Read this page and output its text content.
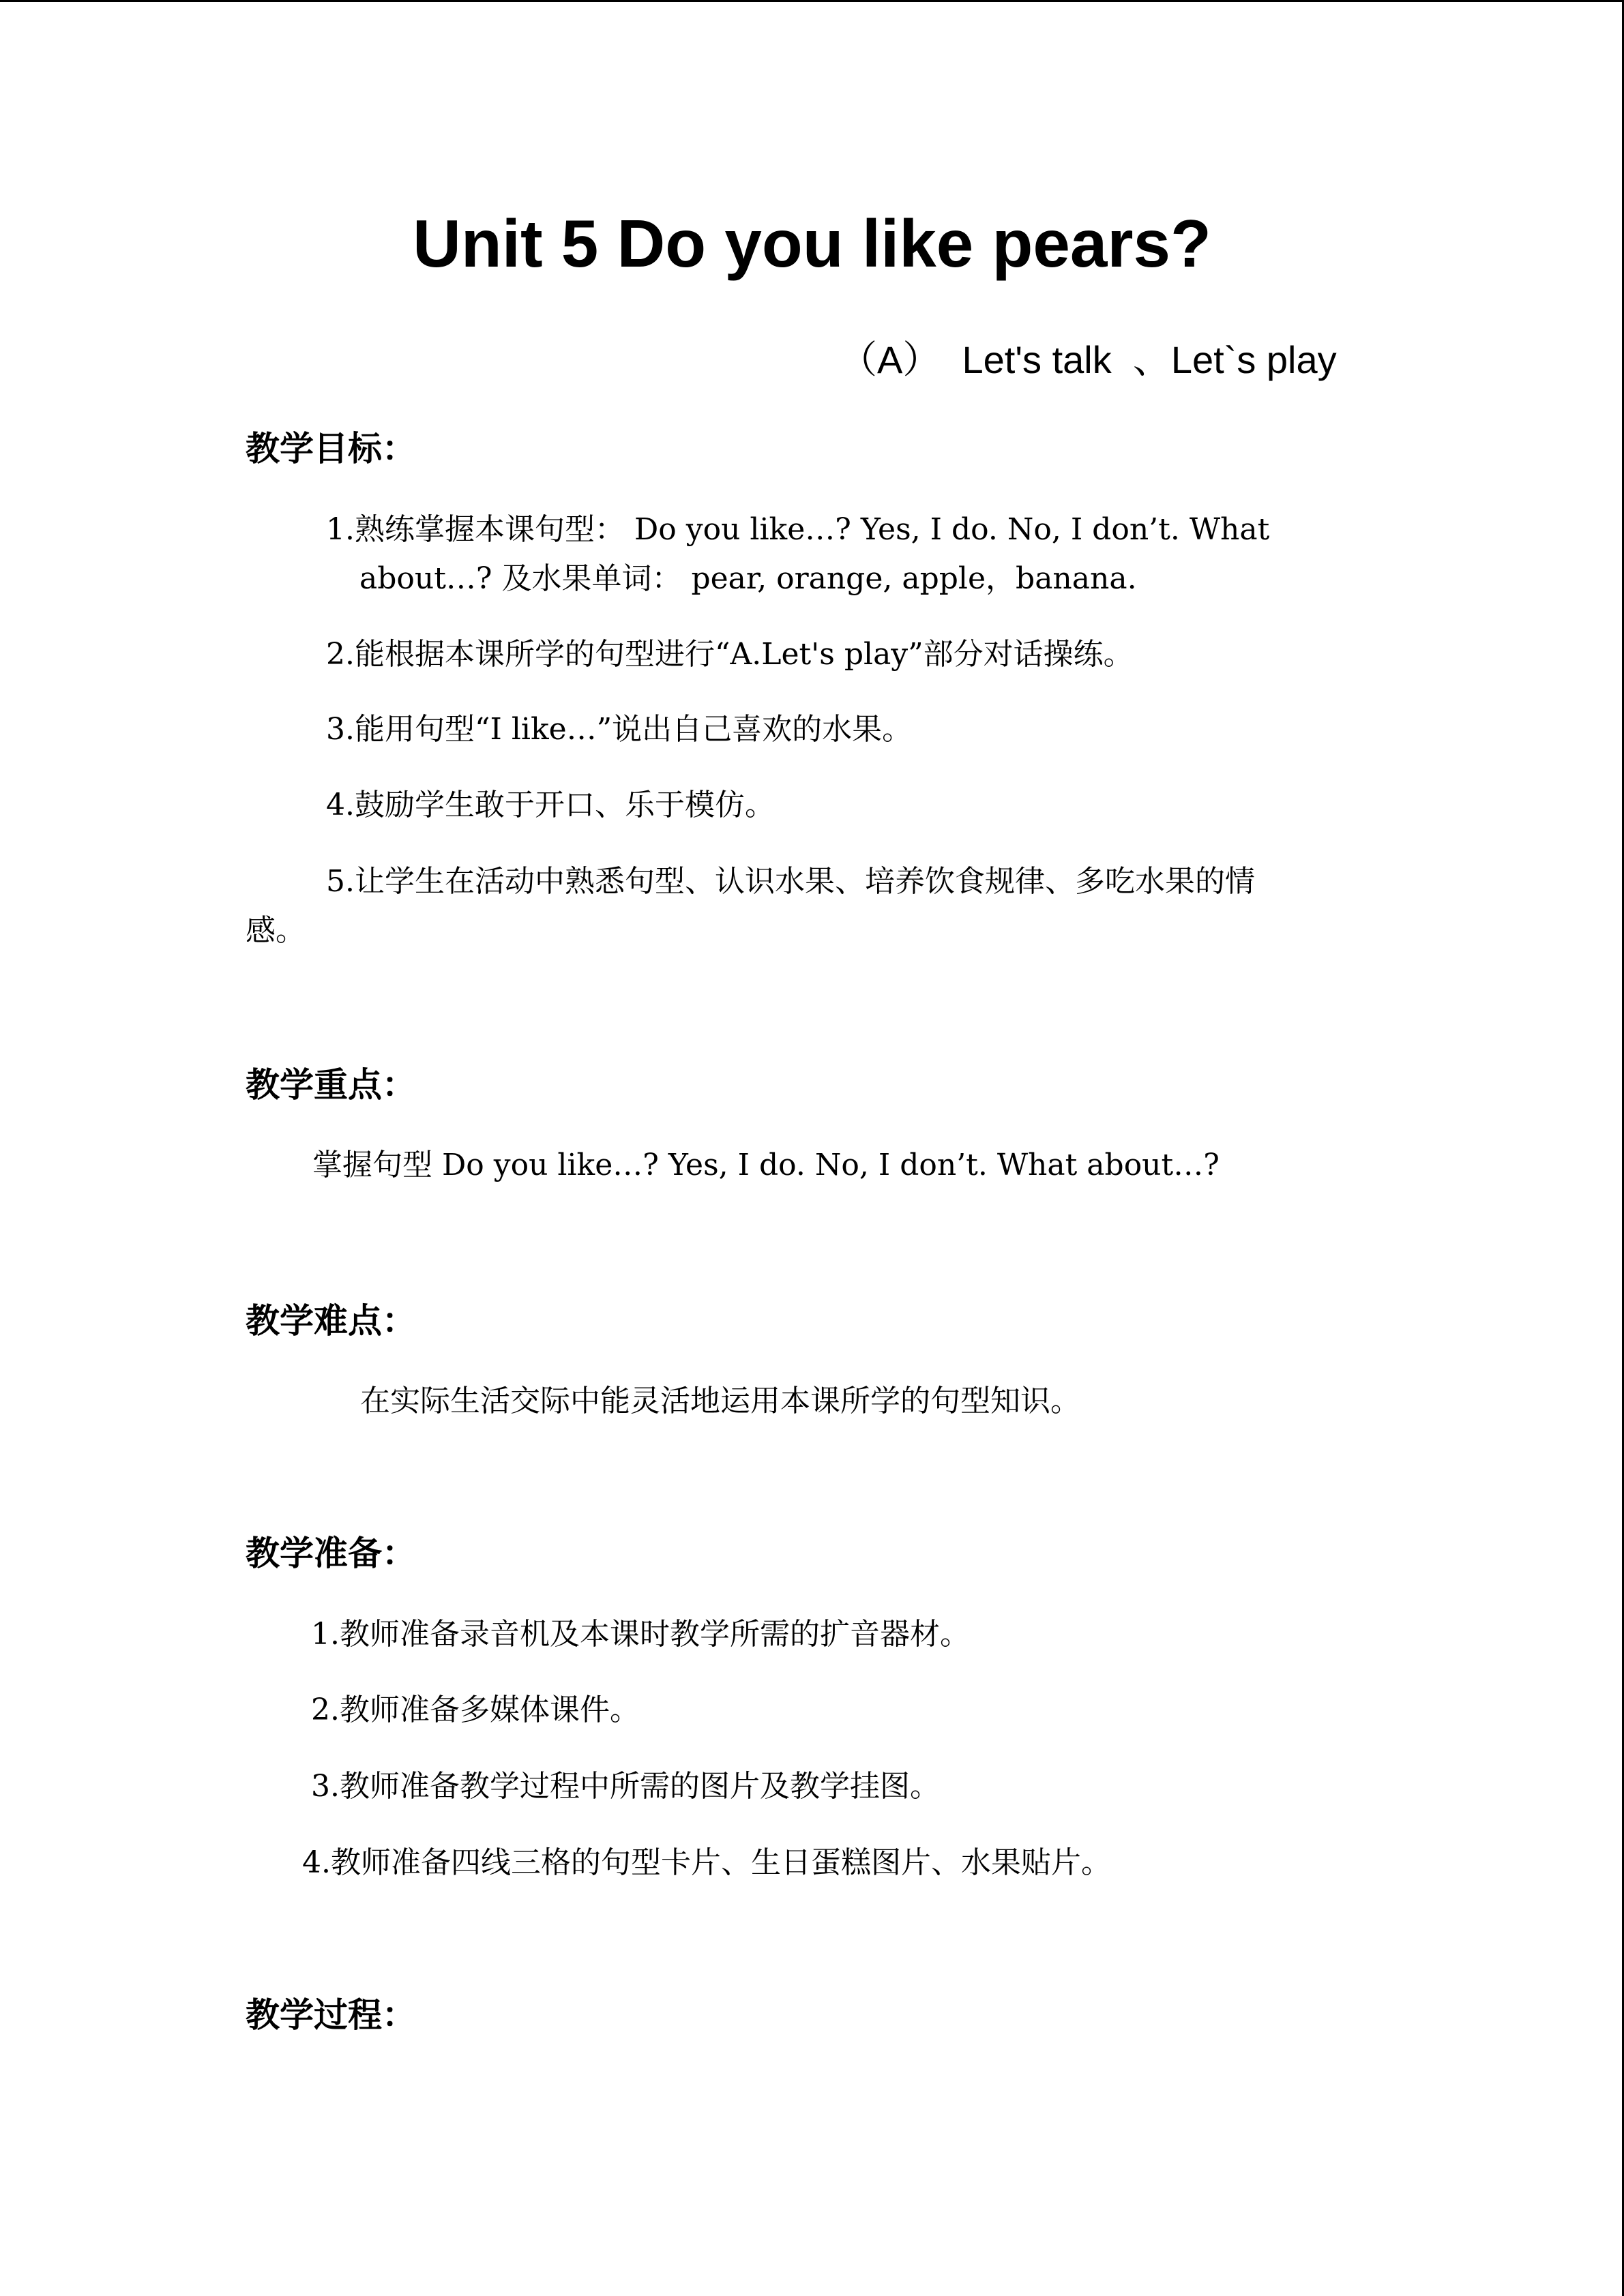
Unit 5 Do you like pears?
（A）  Let's talk  、Let`s play
教学目标：
1.熟练掌握本课句型： Do you like…? Yes, I do. No, I don’t. What
about…? 及水果单词： pear, orange, apple，banana.
2.能根据本课所学的句型进行“A.Let's play”部分对话操练。
3.能用句型“I like…”说出自己喜欢的水果。
4.鼓励学生敢于开口、乐于模仿。
5.让学生在活动中熟悉句型、认识水果、培养饮食规律、多吃水果的情
感。
教学重点：
掌握句型 Do you like…? Yes, I do. No, I don’t. What about…?
教学难点：
在实际生活交际中能灵活地运用本课所学的句型知识。
教学准备：
1.教师准备录音机及本课时教学所需的扩音器材。
2.教师准备多媒体课件。
3.教师准备教学过程中所需的图片及教学挂图。
4.教师准备四线三格的句型卡片、生日蛋糕图片、水果贴片。
教学过程：
